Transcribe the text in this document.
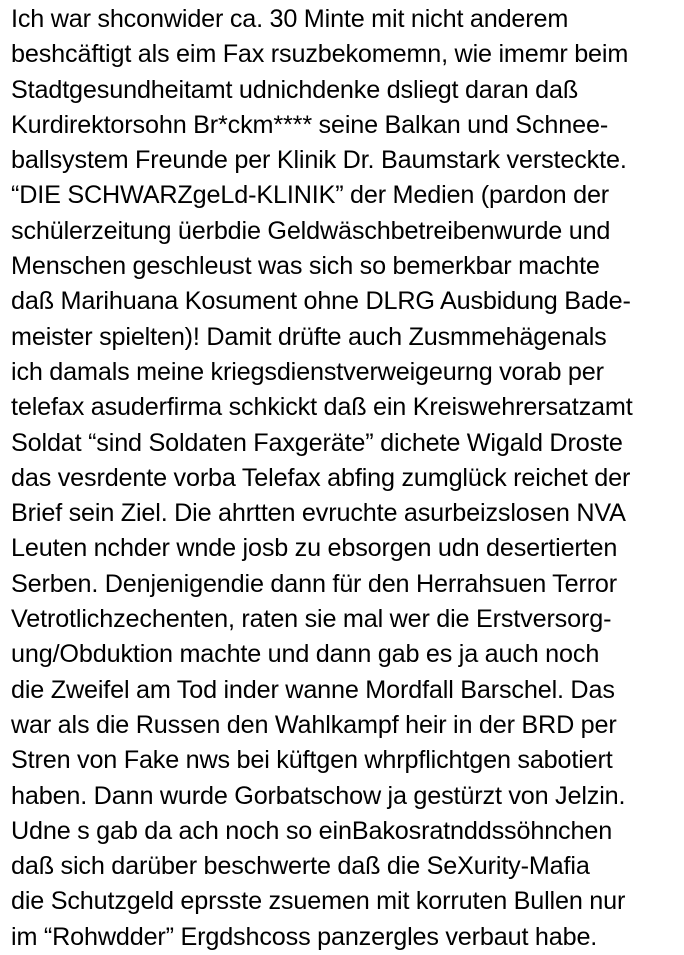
Ich war shconwider ca. 30 Minte mit nicht anderem
beshcäftigt als eim Fax rsuzbekomemn, wie imemr beim
Stadtgesundheitamt udnichdenke dsliegt daran daß
Kurdirektorsohn Br*ckm**** seine Balkan und Schnee-
ballsystem Freunde per Klinik Dr. Baumstark versteckte.
“DIE SCHWARZgeLd-KLINIK” der Medien (pardon der
schülerzeitung üerbdie Geldwäschbetreibenwurde und
Menschen geschleust was sich so bemerkbar machte
daß Marihuana Kosument ohne DLRG Ausbidung Bade-
meister spielten)! Damit drüfte auch Zusmmehägenals
ich damals meine kriegsdienstverweigeurng vorab per
telefax asuderfirma schkickt daß ein Kreiswehrersatzamt
Soldat “sind Soldaten Faxgeräte” dichete Wigald Droste
das vesrdente vorba Telefax abfing zumglück reichet der
Brief sein Ziel. Die ahrtten evruchte asurbeizslosen NVA
Leuten nchder wnde josb zu ebsorgen udn desertierten
Serben. Denjenigendie dann für den Herrahsuen Terror
Vetrotlichzechenten, raten sie mal wer die Erstversorg-
ung/Obduktion machte und dann gab es ja auch noch
die Zweifel am Tod inder wanne Mordfall Barschel. Das
war als die Russen den Wahlkampf heir in der BRD per
Stren von Fake nws bei küftgen whrpflichtgen sabotiert
haben. Dann wurde Gorbatschow ja gestürzt von Jelzin.
Udne s gab da ach noch so einBakosratnddssöhnchen
daß sich darüber beschwerte daß die SeXurity-Mafia
die Schutzgeld eprsste zsuemen mit korruten Bullen nur
im “Rohwdder” Ergdshcoss panzergles verbaut habe.
